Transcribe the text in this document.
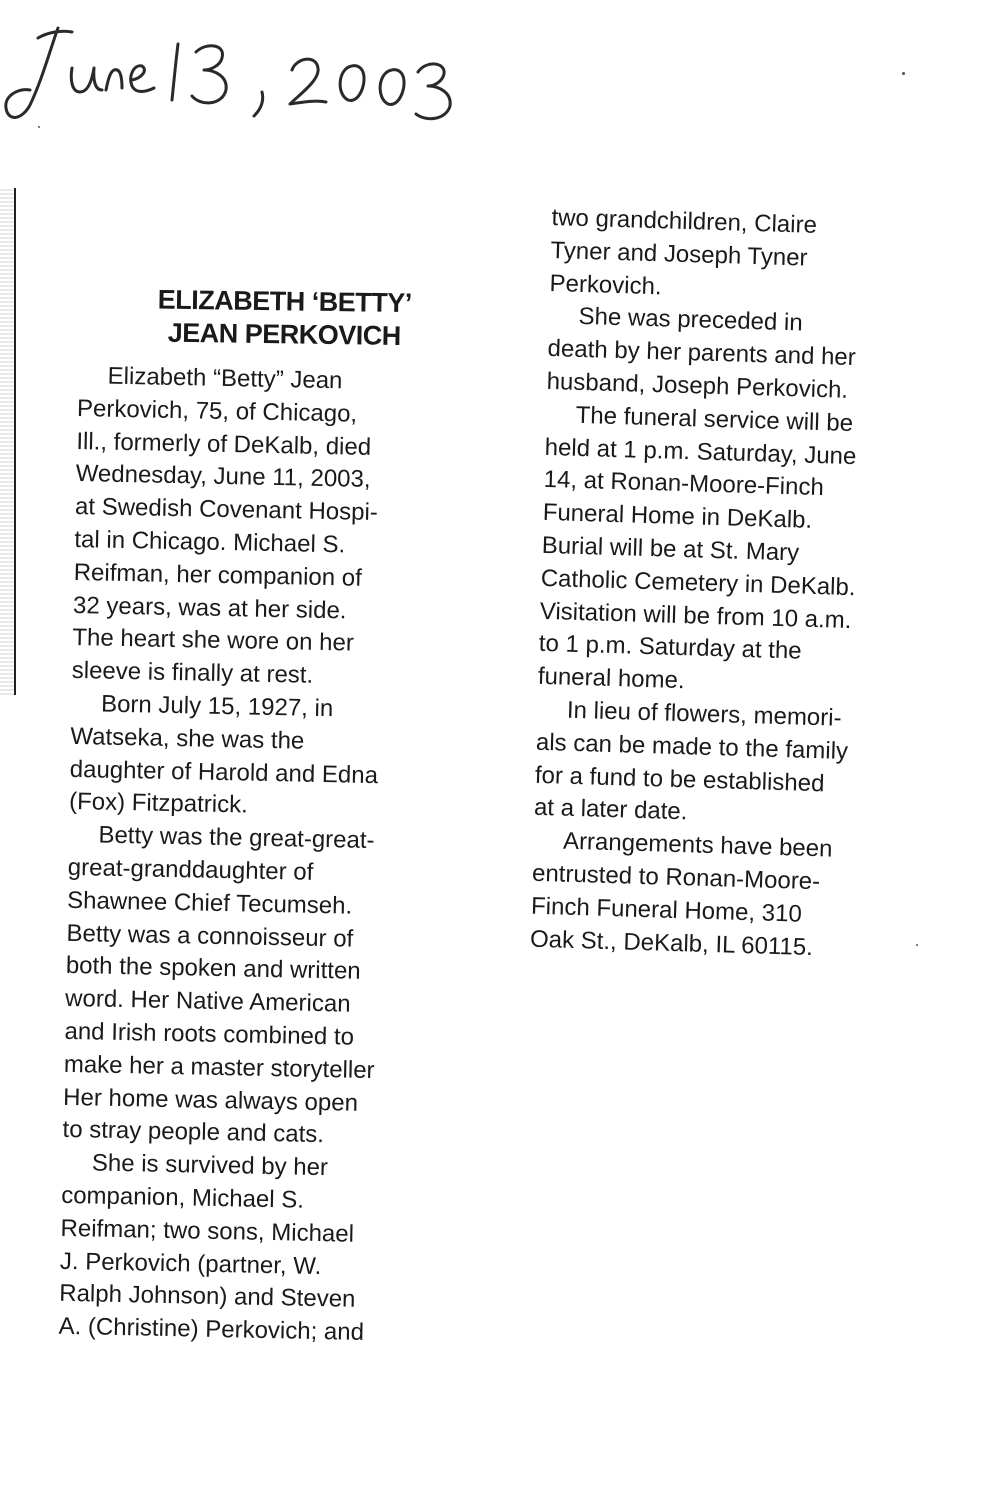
ELIZABETH ‘BETTY’
JEAN PERKOVICH
Elizabeth “Betty” Jean
Perkovich, 75, of Chicago,
Ill., formerly of DeKalb, died
Wednesday, June 11, 2003,
at Swedish Covenant Hospi-
tal in Chicago. Michael S.
Reifman, her companion of
32 years, was at her side.
The heart she wore on her
sleeve is finally at rest.
Born July 15, 1927, in
Watseka, she was the
daughter of Harold and Edna
(Fox) Fitzpatrick.
Betty was the great-great-
great-granddaughter of
Shawnee Chief Tecumseh.
Betty was a connoisseur of
both the spoken and written
word. Her Native American
and Irish roots combined to
make her a master storyteller
Her home was always open
to stray people and cats.
She is survived by her
companion, Michael S.
Reifman; two sons, Michael
J. Perkovich (partner, W.
Ralph Johnson) and Steven
A. (Christine) Perkovich; and
two grandchildren, Claire
Tyner and Joseph Tyner
Perkovich.
She was preceded in
death by her parents and her
husband, Joseph Perkovich.
The funeral service will be
held at 1 p.m. Saturday, June
14, at Ronan-Moore-Finch
Funeral Home in DeKalb.
Burial will be at St. Mary
Catholic Cemetery in DeKalb.
Visitation will be from 10 a.m.
to 1 p.m. Saturday at the
funeral home.
In lieu of flowers, memori-
als can be made to the family
for a fund to be established
at a later date.
Arrangements have been
entrusted to Ronan-Moore-
Finch Funeral Home, 310
Oak St., DeKalb, IL 60115.
